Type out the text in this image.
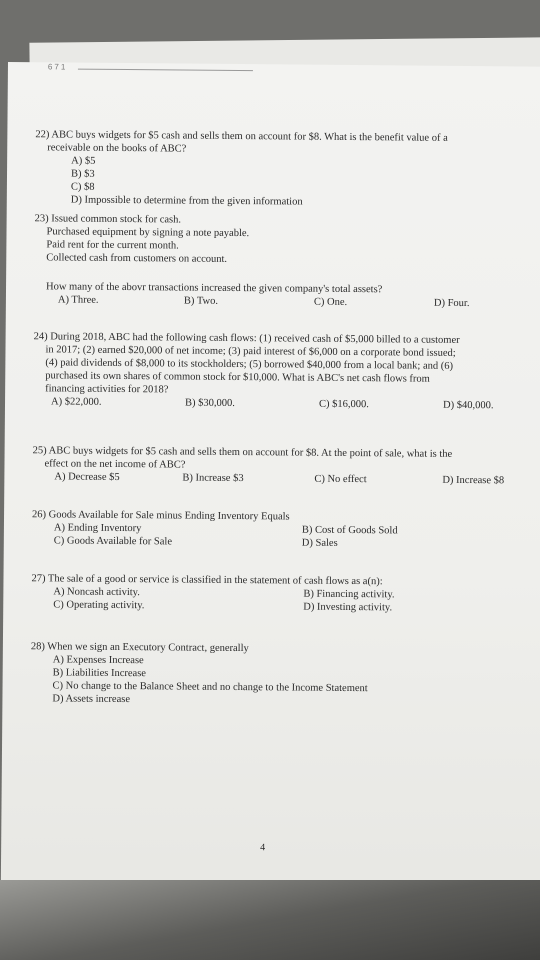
671
22) ABC buys widgets for $5 cash and sells them on account for $8. What is the benefit value of a
receivable on the books of ABC?
A) $5
B) $3
C) $8
D) Impossible to determine from the given information
23) Issued common stock for cash.
Purchased equipment by signing a note payable.
Paid rent for the current month.
Collected cash from customers on account.
How many of the abovr transactions increased the given company's total assets?
A) Three.	B) Two.	C) One.	D) Four.
24) During 2018, ABC had the following cash flows: (1) received cash of $5,000 billed to a customer
in 2017; (2) earned $20,000 of net income; (3) paid interest of $6,000 on a corporate bond issued;
(4) paid dividends of $8,000 to its stockholders; (5) borrowed $40,000 from a local bank; and (6)
purchased its own shares of common stock for $10,000. What is ABC's net cash flows from
financing activities for 2018?
A) $22,000.	B) $30,000.	C) $16,000.	D) $40,000.
25) ABC buys widgets for $5 cash and sells them on account for $8. At the point of sale, what is the
effect on the net income of ABC?
A) Decrease $5	B) Increase $3	C) No effect	D) Increase $8
26) Goods Available for Sale minus Ending Inventory Equals
A) Ending Inventory	B) Cost of Goods Sold
C) Goods Available for Sale	D) Sales
27) The sale of a good or service is classified in the statement of cash flows as a(n):
A) Noncash activity.	B) Financing activity.
C) Operating activity.	D) Investing activity.
28) When we sign an Executory Contract, generally
A) Expenses Increase
B) Liabilities Increase
C) No change to the Balance Sheet and no change to the Income Statement
D) Assets increase
4
